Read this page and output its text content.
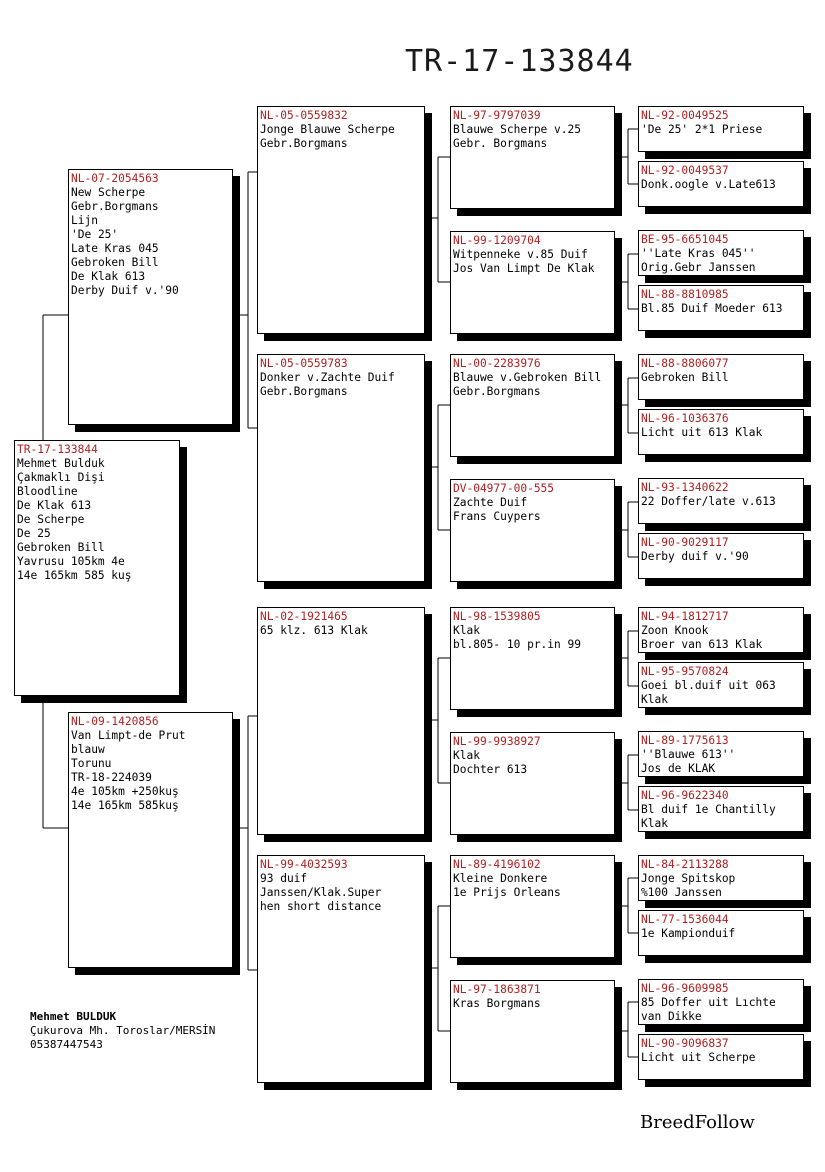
TR-17-133844
TR-17-133844
Mehmet Bulduk
Çakmaklı Dişi
Bloodline
De Klak 613
De Scherpe
De 25
Gebroken Bill
Yavrusu 105km 4e
14e 165km 585 kuş
NL-07-2054563
New Scherpe
Gebr.Borgmans
Lijn
'De 25'
Late Kras 045
Gebroken Bill
De Klak 613
Derby Duif v.'90
NL-09-1420856
Van Limpt-de Prut
blauw
Torunu
TR-18-224039
4e 105km +250kuş
14e 165km 585kuş
NL-05-0559832
Jonge Blauwe Scherpe
Gebr.Borgmans
NL-05-0559783
Donker v.Zachte Duif
Gebr.Borgmans
NL-02-1921465
65 klz. 613 Klak
NL-99-4032593
93 duif
Janssen/Klak.Super
hen short distance
NL-97-9797039
Blauwe Scherpe v.25
Gebr. Borgmans
NL-99-1209704
Witpenneke v.85 Duif
Jos Van Limpt De Klak
NL-00-2283976
Blauwe v.Gebroken Bill
Gebr.Borgmans
DV-04977-00-555
Zachte Duif
Frans Cuypers
NL-98-1539805
Klak
bl.805- 10 pr.in 99
NL-99-9938927
Klak
Dochter 613
NL-89-4196102
Kleine Donkere
1e Prijs Orleans
NL-97-1863871
Kras Borgmans
NL-92-0049525
'De 25' 2*1 Priese
NL-92-0049537
Donk.oogle v.Late613
BE-95-6651045
''Late Kras 045''
Orig.Gebr Janssen
NL-88-8810985
Bl.85 Duif Moeder 613
NL-88-8806077
Gebroken Bill
NL-96-1036376
Licht uit 613 Klak
NL-93-1340622
22 Doffer/late v.613
NL-90-9029117
Derby duif v.'90
NL-94-1812717
Zoon Knook
Broer van 613 Klak
NL-95-9570824
Goei bl.duif uit 063
Klak
NL-89-1775613
''Blauwe 613''
Jos de KLAK
NL-96-9622340
Bl duif 1e Chantilly
Klak
NL-84-2113288
Jonge Spitskop
%100 Janssen
NL-77-1536044
1e Kampionduif
NL-96-9609985
85 Doffer uit Lıchte
van Dikke
NL-90-9096837
Licht uit Scherpe
Mehmet BULDUK
Çukurova Mh. Toroslar/MERSİN
05387447543
BreedFollow
